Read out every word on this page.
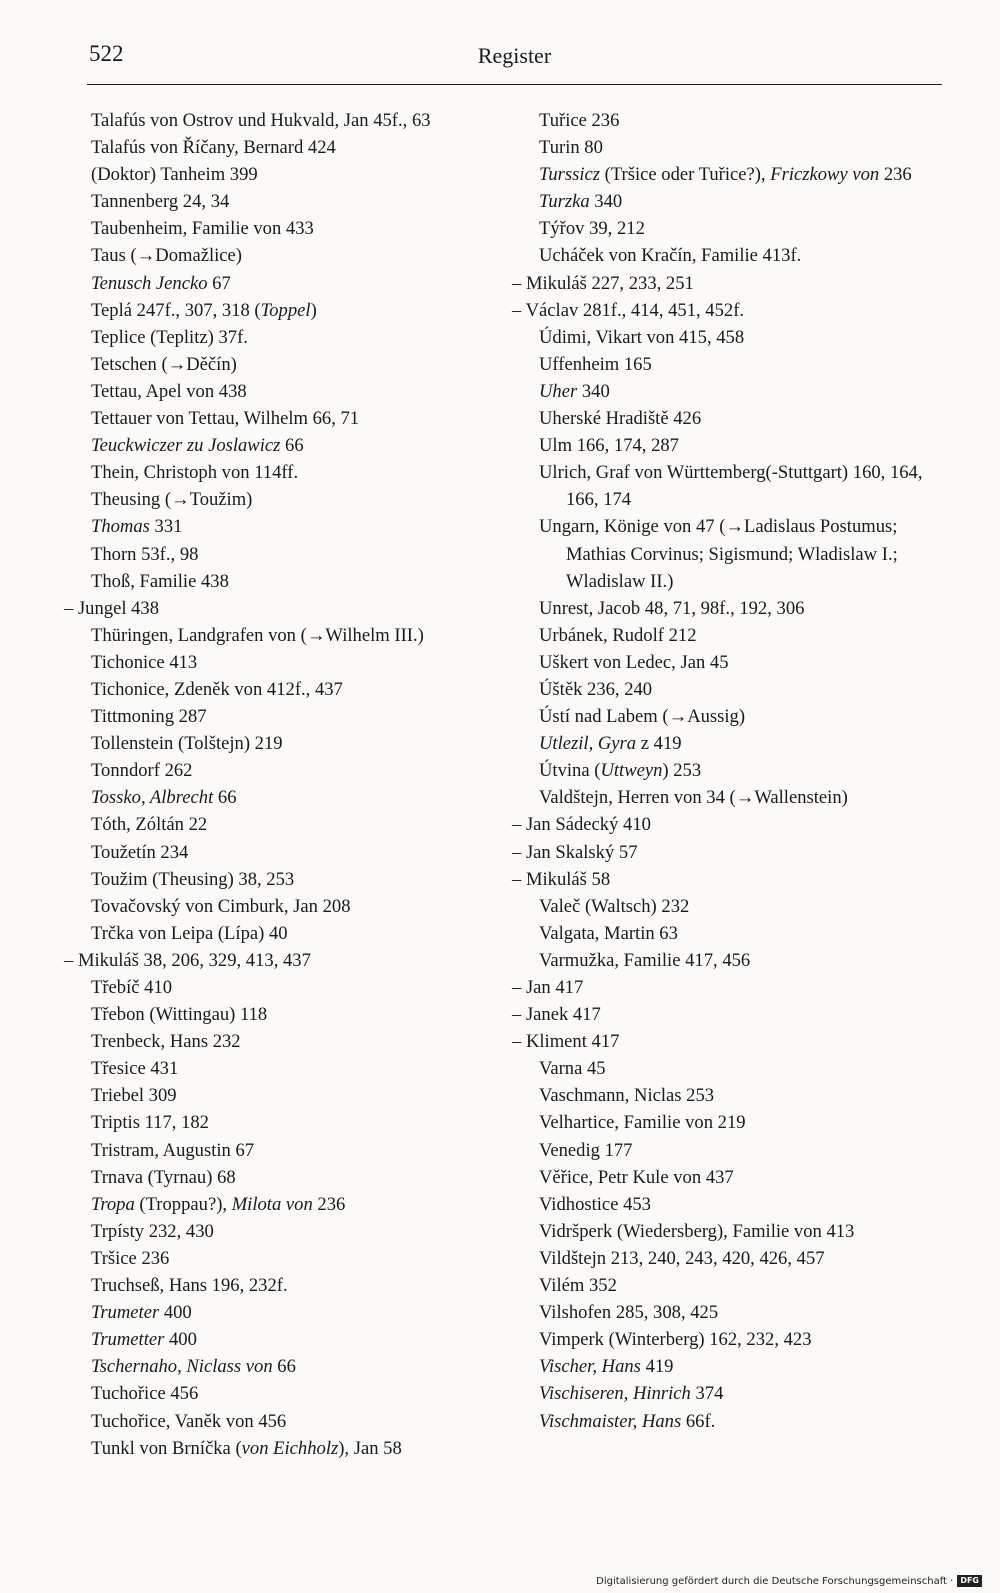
522	Register
Talafús von Ostrov und Hukvald, Jan 45f., 63
Talafús von Říčany, Bernard 424
(Doktor) Tanheim 399
Tannenberg 24, 34
Taubenheim, Familie von 433
Taus (→Domažlice)
Tenusch Jencko 67
Teplá 247f., 307, 318 (Toppel)
Teplice (Teplitz) 37f.
Tetschen (→Děčín)
Tettau, Apel von 438
Tettauer von Tettau, Wilhelm 66, 71
Teuckwiczer zu Joslawicz 66
Thein, Christoph von 114ff.
Theusing (→Toužim)
Thomas 331
Thorn 53f., 98
Thoß, Familie 438
– Jungel 438
Thüringen, Landgrafen von (→Wilhelm III.)
Tichonice 413
Tichonice, Zdeněk von 412f., 437
Tittmoning 287
Tollenstein (Tolštejn) 219
Tonndorf 262
Tossko, Albrecht 66
Tóth, Zóltán 22
Toužetín 234
Toužim (Theusing) 38, 253
Tovačovský von Cimburk, Jan 208
Trčka von Leipa (Lípa) 40
– Mikuláš 38, 206, 329, 413, 437
Třebíč 410
Třebon (Wittingau) 118
Trenbeck, Hans 232
Třesice 431
Triebel 309
Triptis 117, 182
Tristram, Augustin 67
Trnava (Tyrnau) 68
Tropa (Troppau?), Milota von 236
Trpísty 232, 430
Tršice 236
Truchseß, Hans 196, 232f.
Trumeter 400
Trumetter 400
Tschernaho, Niclass von 66
Tuchořice 456
Tuchořice, Vaněk von 456
Tunkl von Brníčka (von Eichholz), Jan 58
Tuřice 236
Turin 80
Turssicz (Tršice oder Tuřice?), Friczkowy von 236
Turzka 340
Týřov 39, 212
Ucháček von Kračín, Familie 413f.
– Mikuláš 227, 233, 251
– Václav 281f., 414, 451, 452f.
Údimi, Vikart von 415, 458
Uffenheim 165
Uher 340
Uherské Hradiště 426
Ulm 166, 174, 287
Ulrich, Graf von Württemberg(-Stuttgart) 160, 164, 166, 174
Ungarn, Könige von 47 (→Ladislaus Postumus; Mathias Corvinus; Sigismund; Wladislaw I.; Wladislaw II.)
Unrest, Jacob 48, 71, 98f., 192, 306
Urbánek, Rudolf 212
Uškert von Ledec, Jan 45
Úštěk 236, 240
Ústí nad Labem (→Aussig)
Utlezil, Gyra z 419
Útvina (Uttweyn) 253
Valdštejn, Herren von 34 (→Wallenstein)
– Jan Sádecký 410
– Jan Skalský 57
– Mikuláš 58
Valeč (Waltsch) 232
Valgata, Martin 63
Varmužka, Familie 417, 456
– Jan 417
– Janek 417
– Kliment 417
Varna 45
Vaschmann, Niclas 253
Velhartice, Familie von 219
Venedig 177
Věřice, Petr Kule von 437
Vidhostice 453
Vidršperk (Wiedersberg), Familie von 413
Vildštejn 213, 240, 243, 420, 426, 457
Vilém 352
Vilshofen 285, 308, 425
Vimperk (Winterberg) 162, 232, 423
Vischer, Hans 419
Vischiseren, Hinrich 374
Vischmaister, Hans 66f.
Digitalisierung gefördert durch die Deutsche Forschungsgemeinschaft · DFG
